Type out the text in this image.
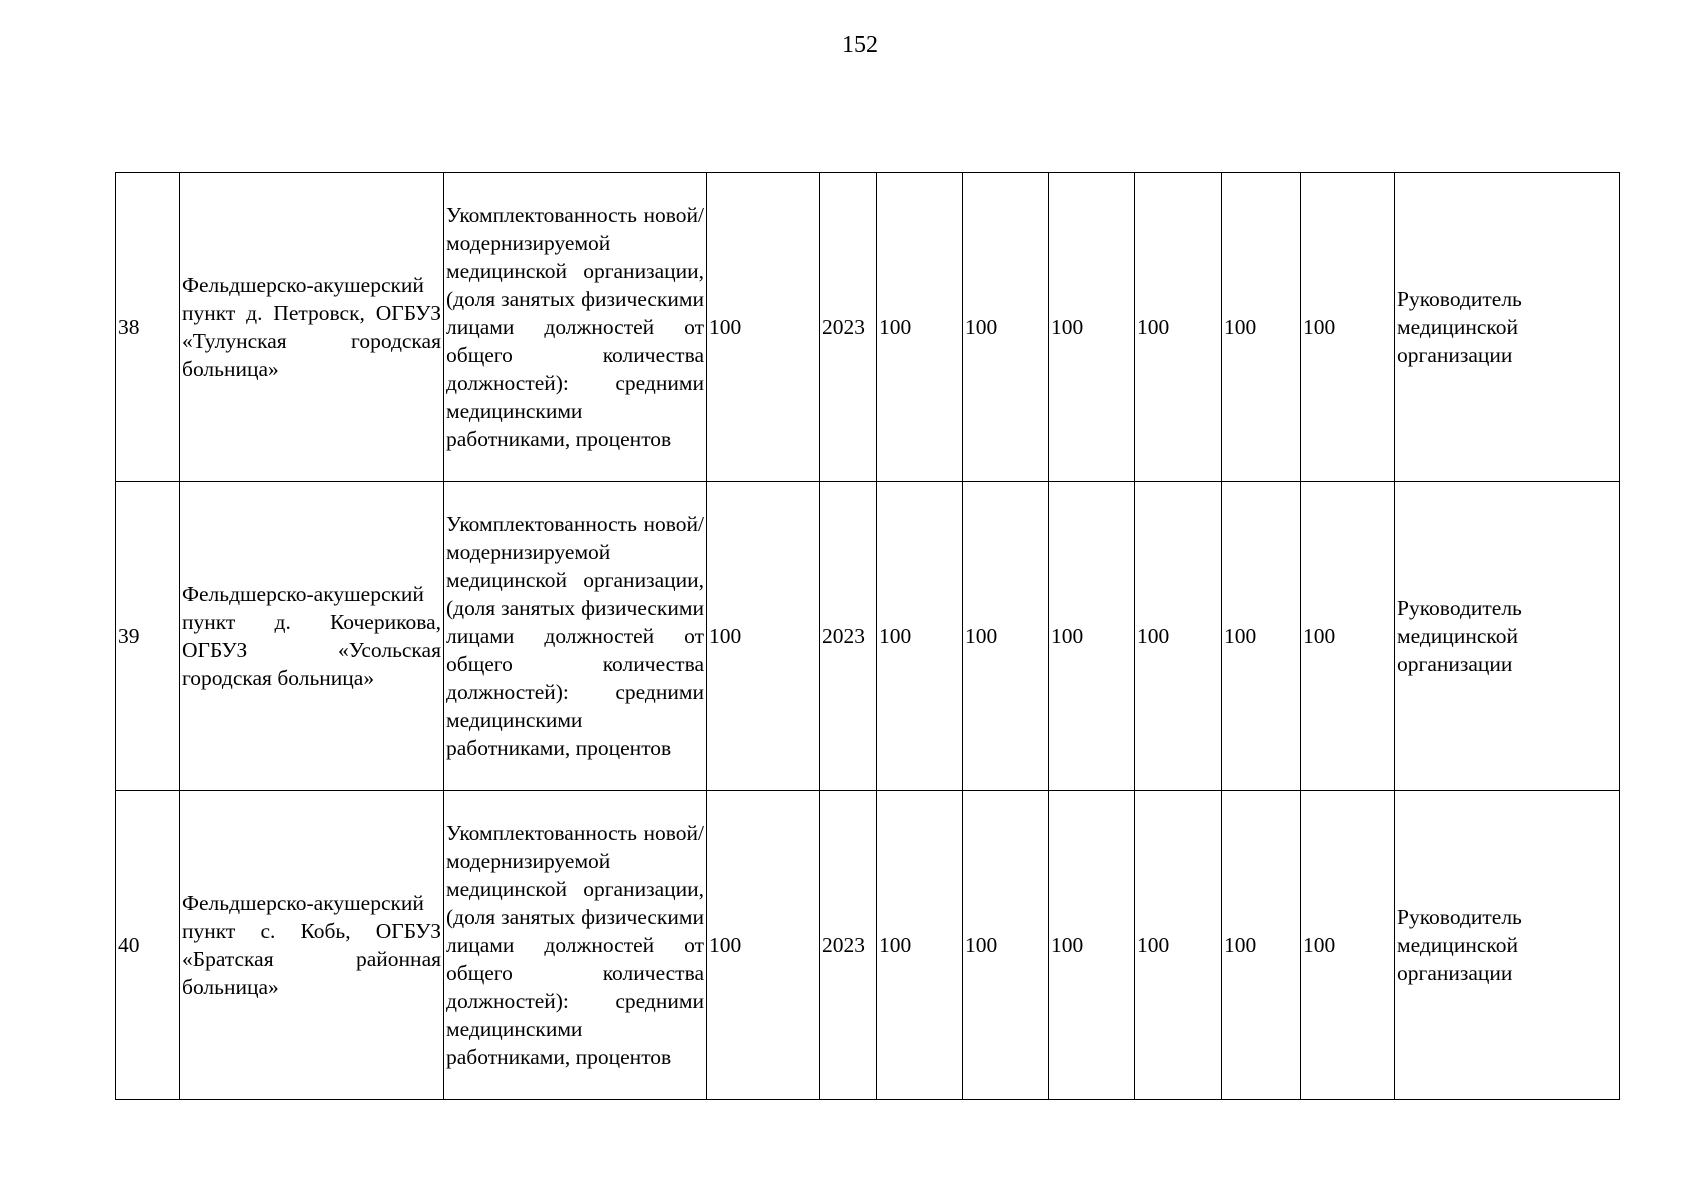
152
38	Фельдшерско-акушерский пункт д. Петровск, ОГБУЗ «Тулунская городская больница»	Укомплектованность новой/модернизируемой медицинской организации, (доля занятых физическими лицами должностей от общего количества должностей): средними медицинскими работниками, процентов	100	2023	100	100	100	100	100	100	Руководитель медицинской организации
39	Фельдшерско-акушерский пункт д. Кочерикова, ОГБУЗ «Усольская городская больница»	Укомплектованность новой/модернизируемой медицинской организации, (доля занятых физическими лицами должностей от общего количества должностей): средними медицинскими работниками, процентов	100	2023	100	100	100	100	100	100	Руководитель медицинской организации
40	Фельдшерско-акушерский пункт с. Кобь, ОГБУЗ «Братская районная больница»	Укомплектованность новой/модернизируемой медицинской организации, (доля занятых физическими лицами должностей от общего количества должностей): средними медицинскими работниками, процентов	100	2023	100	100	100	100	100	100	Руководитель медицинской организации
